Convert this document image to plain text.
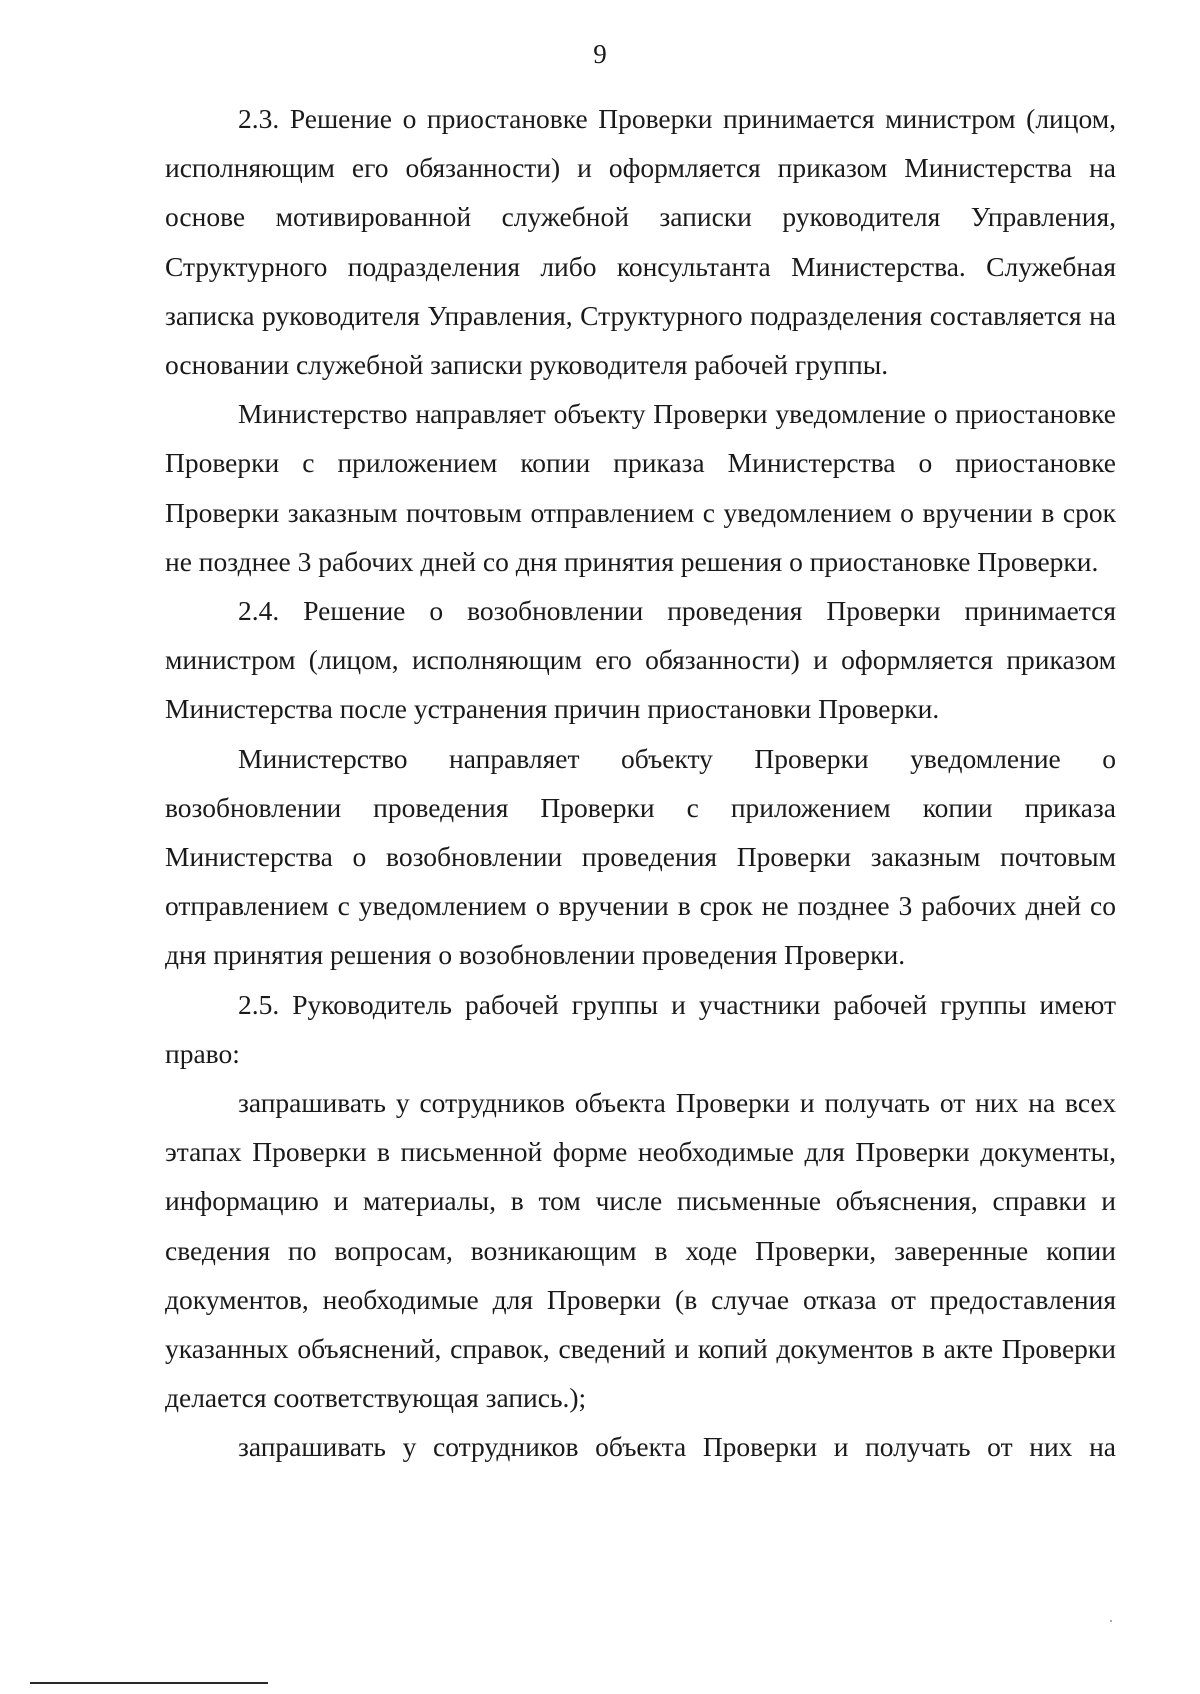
9

2.3. Решение о приостановке Проверки принимается министром (лицом, исполняющим его обязанности) и оформляется приказом Министерства на основе мотивированной служебной записки руководителя Управления, Структурного подразделения либо консультанта Министерства. Служебная записка руководителя Управления, Структурного подразделения составляется на основании служебной записки руководителя рабочей группы.

Министерство направляет объекту Проверки уведомление о приостановке Проверки с приложением копии приказа Министерства о приостановке Проверки заказным почтовым отправлением с уведомлением о вручении в срок не позднее 3 рабочих дней со дня принятия решения о приостановке Проверки.

2.4. Решение о возобновлении проведения Проверки принимается министром (лицом, исполняющим его обязанности) и оформляется приказом Министерства после устранения причин приостановки Проверки.

Министерство направляет объекту Проверки уведомление о возобновлении проведения Проверки с приложением копии приказа Министерства о возобновлении проведения Проверки заказным почтовым отправлением с уведомлением о вручении в срок не позднее 3 рабочих дней со дня принятия решения о возобновлении проведения Проверки.

2.5. Руководитель рабочей группы и участники рабочей группы имеют право:

запрашивать у сотрудников объекта Проверки и получать от них на всех этапах Проверки в письменной форме необходимые для Проверки документы, информацию и материалы, в том числе письменные объяснения, справки и сведения по вопросам, возникающим в ходе Проверки, заверенные копии документов, необходимые для Проверки (в случае отказа от предоставления указанных объяснений, справок, сведений и копий документов в акте Проверки делается соответствующая запись.);

запрашивать у сотрудников объекта Проверки и получать от них на
